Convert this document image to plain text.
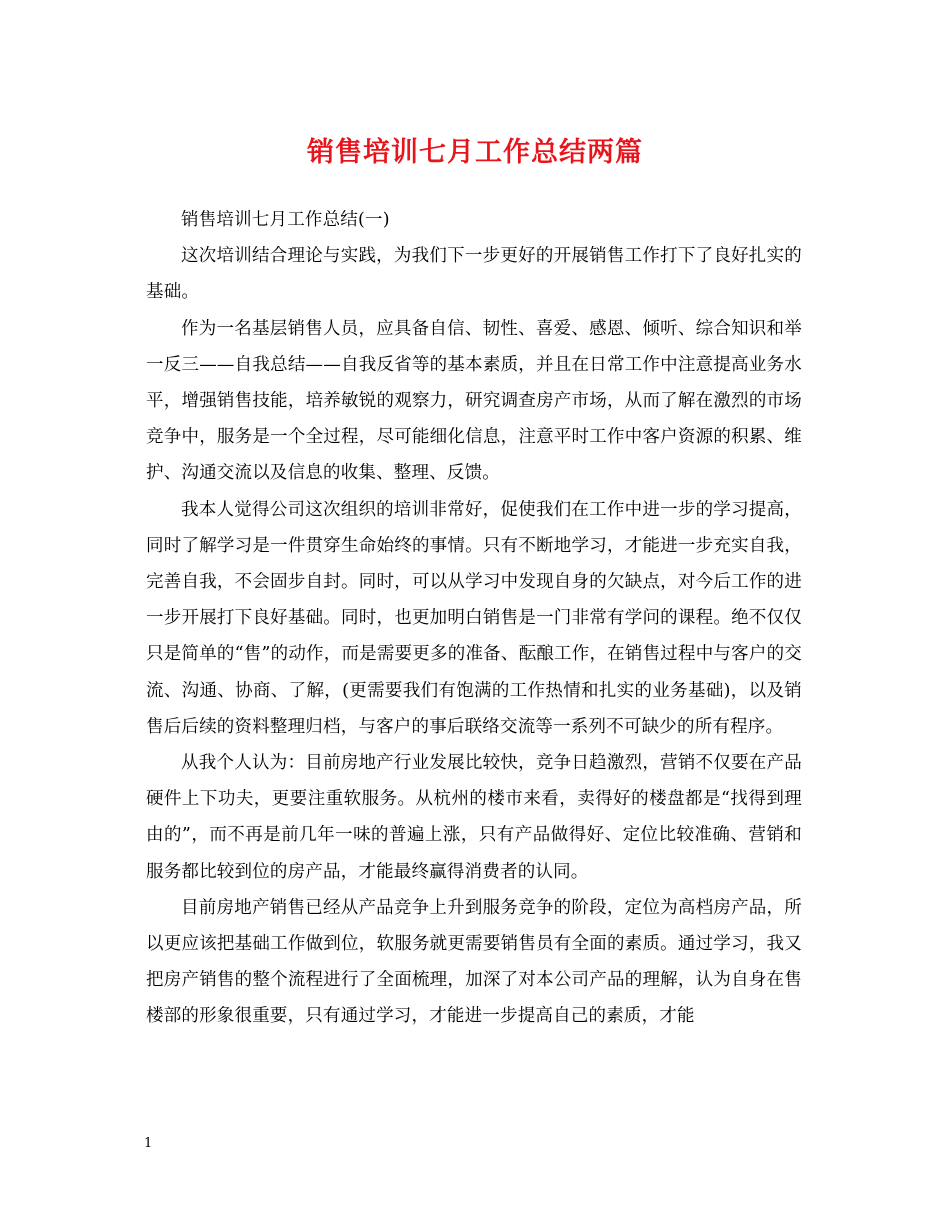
销售培训七月工作总结两篇

销售培训七月工作总结(一)

这次培训结合理论与实践，为我们下一步更好的开展销售工作打下了良好扎实的基础。

作为一名基层销售人员，应具备自信、韧性、喜爱、感恩、倾听、综合知识和举一反三——自我总结——自我反省等的基本素质，并且在日常工作中注意提高业务水平，增强销售技能，培养敏锐的观察力，研究调查房产市场，从而了解在激烈的市场竞争中，服务是一个全过程，尽可能细化信息，注意平时工作中客户资源的积累、维护、沟通交流以及信息的收集、整理、反馈。

我本人觉得公司这次组织的培训非常好，促使我们在工作中进一步的学习提高，同时了解学习是一件贯穿生命始终的事情。只有不断地学习，才能进一步充实自我，完善自我，不会固步自封。同时，可以从学习中发现自身的欠缺点，对今后工作的进一步开展打下良好基础。同时，也更加明白销售是一门非常有学问的课程。绝不仅仅只是简单的“售”的动作，而是需要更多的准备、酝酿工作，在销售过程中与客户的交流、沟通、协商、了解，(更需要我们有饱满的工作热情和扎实的业务基础)，以及销售后后续的资料整理归档，与客户的事后联络交流等一系列不可缺少的所有程序。

从我个人认为：目前房地产行业发展比较快，竞争日趋激烈，营销不仅要在产品硬件上下功夫，更要注重软服务。从杭州的楼市来看，卖得好的楼盘都是“找得到理由的”，而不再是前几年一味的普遍上涨，只有产品做得好、定位比较准确、营销和服务都比较到位的房产品，才能最终赢得消费者的认同。

目前房地产销售已经从产品竞争上升到服务竞争的阶段，定位为高档房产品，所以更应该把基础工作做到位，软服务就更需要销售员有全面的素质。通过学习，我又把房产销售的整个流程进行了全面梳理，加深了对本公司产品的理解，认为自身在售楼部的形象很重要，只有通过学习，才能进一步提高自己的素质，才能

1
